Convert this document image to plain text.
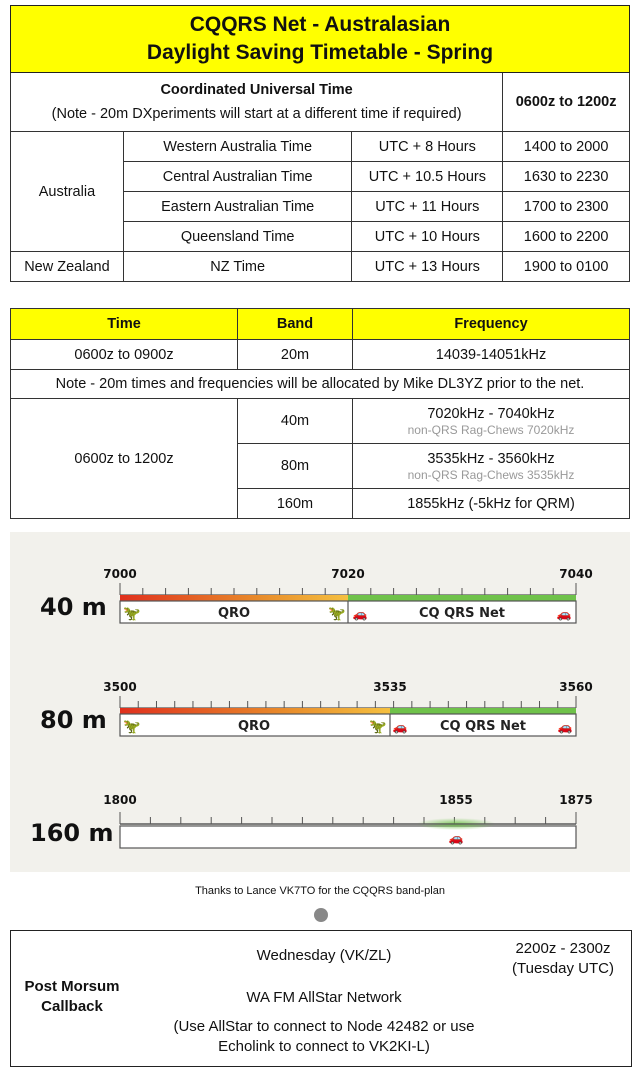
CQQRS Net - Australasian
Daylight Saving Timetable - Spring			

Coordinated Universal Time
(Note - 20m DXperiments will start at a different time if required)			0600z to 1200z
Australia	Western Australia Time	UTC + 8 Hours	1400 to 2000
	Central Australian Time	UTC + 10.5 Hours	1630 to 2230
	Eastern Australian Time	UTC + 11 Hours	1700 to 2300
	Queensland Time	UTC + 10 Hours	1600 to 2200
New Zealand	NZ Time	UTC + 13 Hours	1900 to 0100
Time	Band	Frequency
0600z to 0900z	20m	14039-14051kHz
Note - 20m times and frequencies will be allocated by Mike DL3YZ prior to the net.		
0600z to 1200z	40m	7020kHz - 7040kHz
non-QRS Rag-Chews 7020kHz

	80m	3535kHz - 3560kHz
non-QRS Rag-Chews 3535kHz

	160m	1855kHz (-5kHz for QRM)
40 m
7000	7020	7040
QRO	CQ QRS Net
🦖	🦖 🚗	🚗
80 m
3500	3535	3560
QRO	CQ QRS Net
🦖	🦖 🚗	🚗
160 m
1800	1855	1875
🚗
Thanks to Lance VK7TO for the CQQRS band-plan
Post Morsum
Callback
Wednesday (VK/ZL)	2200z - 2300z
(Tuesday UTC)
WA FM AllStar Network
(Use AllStar to connect to Node 42482 or use
Echolink to connect to VK2KI-L)
